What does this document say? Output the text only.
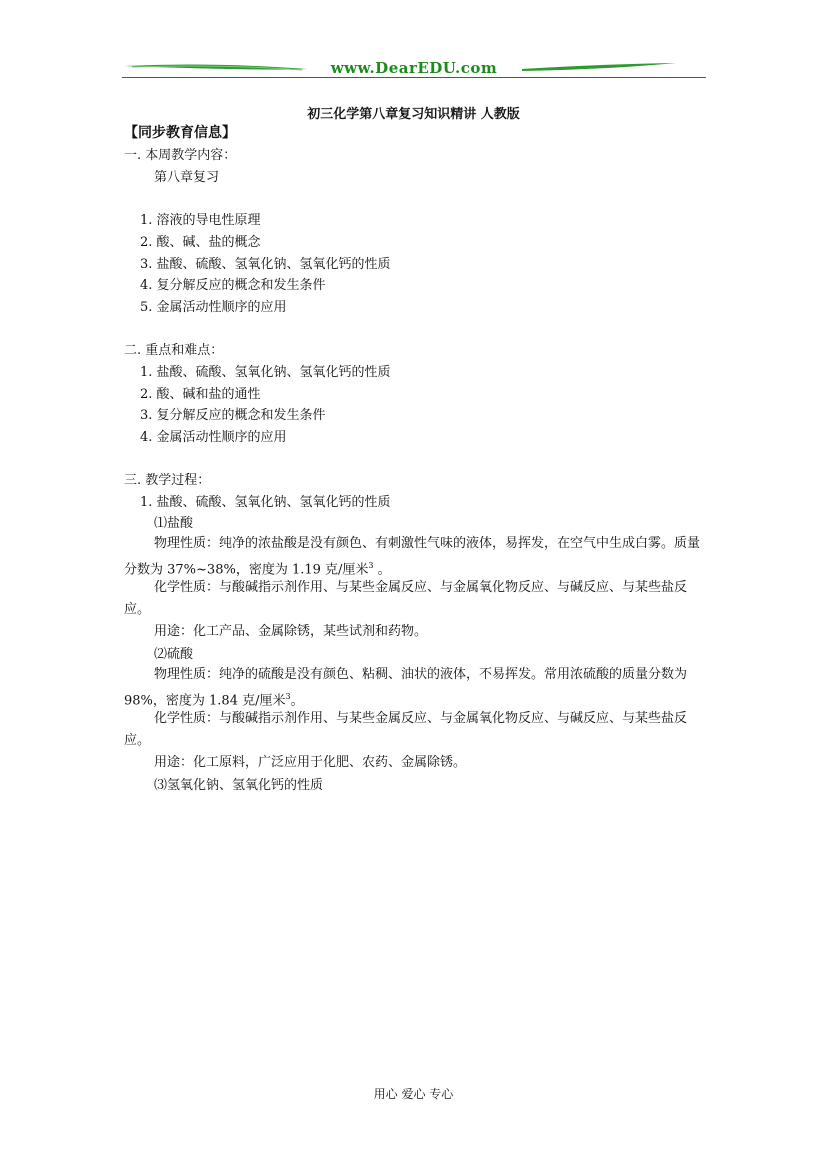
www.DearEDU.com
初三化学第八章复习知识精讲 人教版
【同步教育信息】
一. 本周教学内容：
第八章复习
1. 溶液的导电性原理
2. 酸、碱、盐的概念
3. 盐酸、硫酸、氢氧化钠、氢氧化钙的性质
4. 复分解反应的概念和发生条件
5. 金属活动性顺序的应用
二. 重点和难点：
1. 盐酸、硫酸、氢氧化钠、氢氧化钙的性质
2. 酸、碱和盐的通性
3. 复分解反应的概念和发生条件
4. 金属活动性顺序的应用
三. 教学过程：
1. 盐酸、硫酸、氢氧化钠、氢氧化钙的性质
⑴盐酸
物理性质：纯净的浓盐酸是没有颜色、有刺激性气味的液体，易挥发，在空气中生成白雾。质量分数为 37%~38%，密度为 1.19 克/厘米$^3$ 。
化学性质：与酸碱指示剂作用、与某些金属反应、与金属氧化物反应、与碱反应、与某些盐反应。
用途：化工产品、金属除锈，某些试剂和药物。
⑵硫酸
物理性质：纯净的硫酸是没有颜色、粘稠、油状的液体，不易挥发。常用浓硫酸的质量分数为 98%，密度为 1.84 克/厘米$^3$。
化学性质：与酸碱指示剂作用、与某些金属反应、与金属氧化物反应、与碱反应、与某些盐反应。
用途：化工原料，广泛应用于化肥、农药、金属除锈。
⑶氢氧化钠、氢氧化钙的性质
用心 爱心 专心
